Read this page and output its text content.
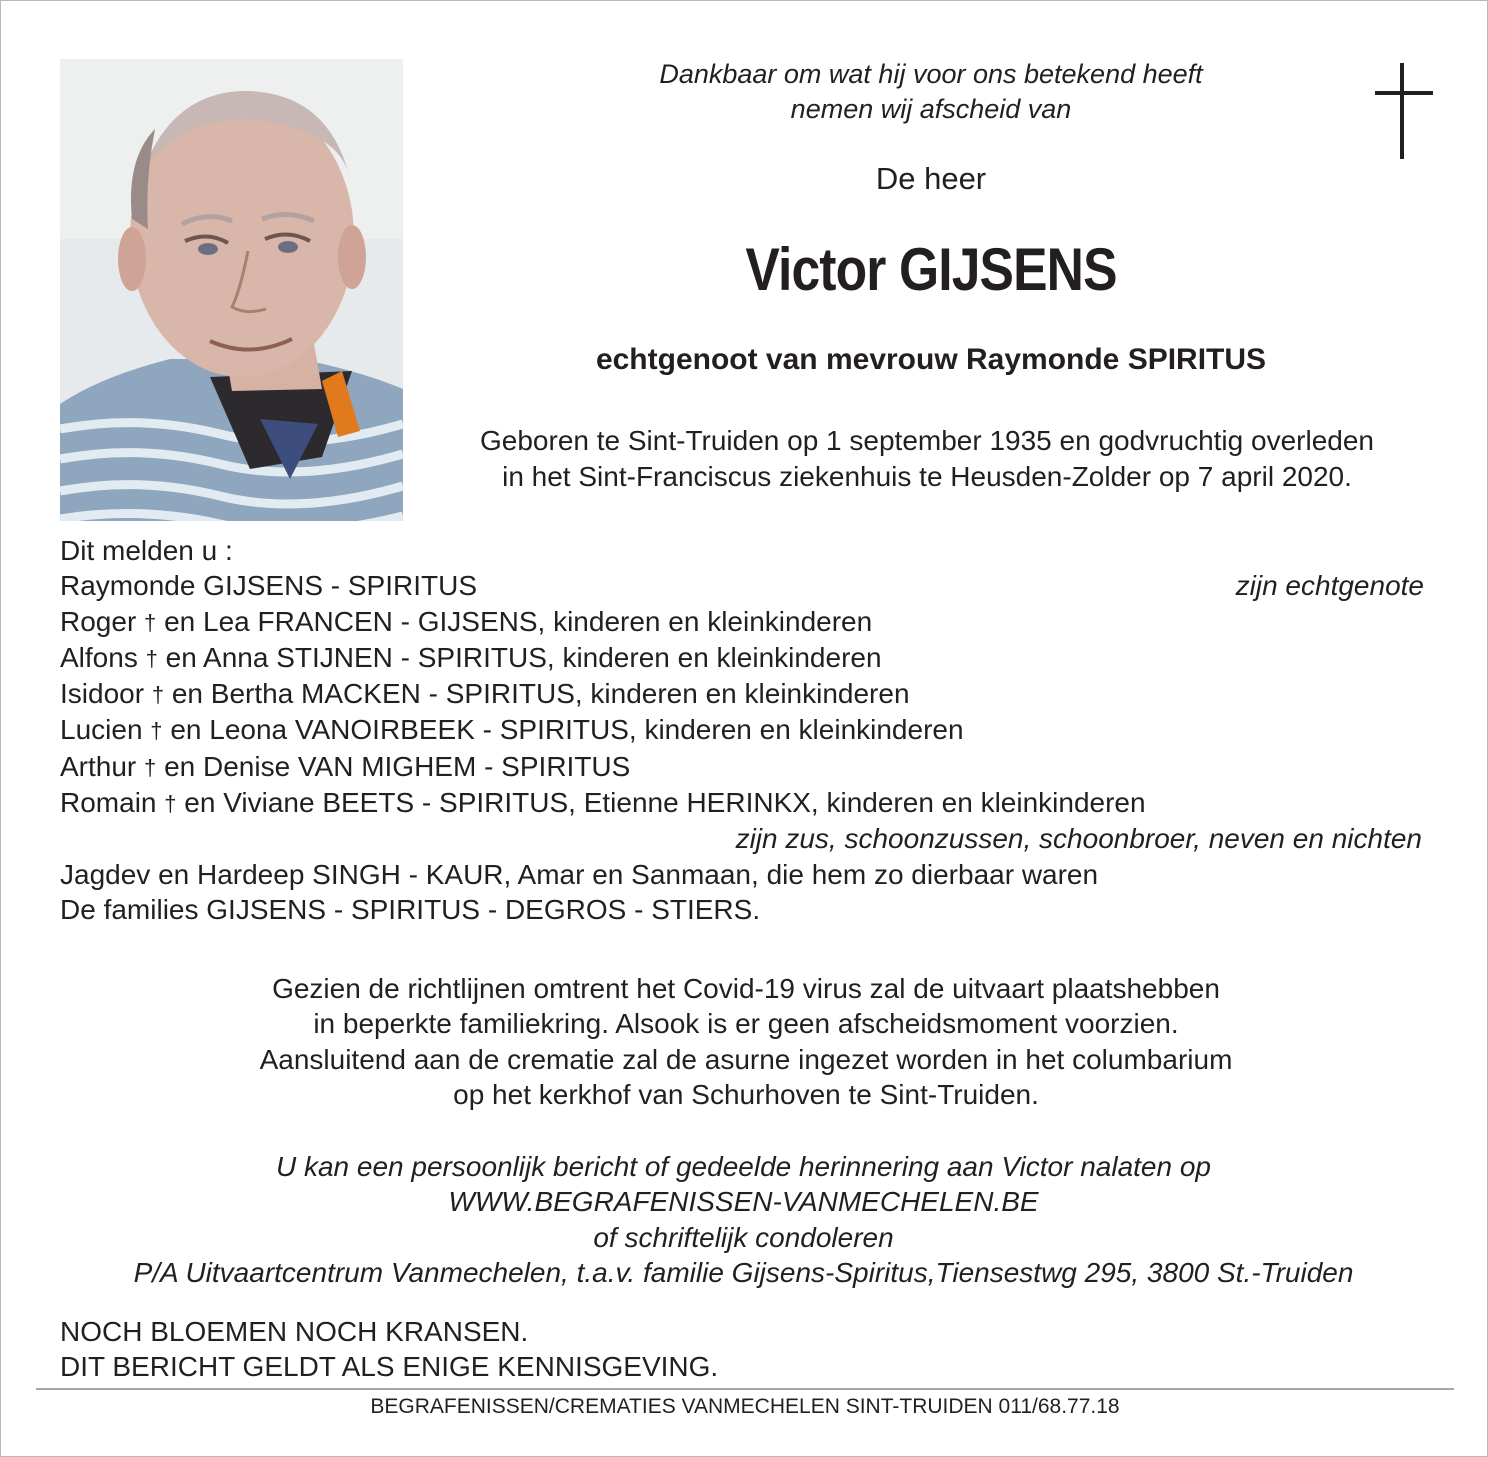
Dankbaar om wat hij voor ons betekend heeft
nemen wij afscheid van
De heer
Victor GIJSENS
echtgenoot van mevrouw Raymonde SPIRITUS
Geboren te Sint-Truiden op 1 september 1935 en godvruchtig overleden
in het Sint-Franciscus ziekenhuis te Heusden-Zolder op 7 april 2020.
Dit melden u :
Raymonde GIJSENS - SPIRITUS	zijn echtgenote
Roger † en Lea FRANCEN - GIJSENS, kinderen en kleinkinderen
Alfons † en Anna STIJNEN - SPIRITUS, kinderen en kleinkinderen
Isidoor † en Bertha MACKEN - SPIRITUS, kinderen en kleinkinderen
Lucien † en Leona VANOIRBEEK - SPIRITUS, kinderen en kleinkinderen
Arthur † en Denise VAN MIGHEM - SPIRITUS
Romain † en Viviane BEETS - SPIRITUS, Etienne HERINKX, kinderen en kleinkinderen
zijn zus, schoonzussen, schoonbroer, neven en nichten
Jagdev en Hardeep SINGH - KAUR, Amar en Sanmaan, die hem zo dierbaar waren
De families GIJSENS - SPIRITUS - DEGROS - STIERS.
Gezien de richtlijnen omtrent het Covid-19 virus zal de uitvaart plaatshebben
in beperkte familiekring. Alsook is er geen afscheidsmoment voorzien.
Aansluitend aan de crematie zal de asurne ingezet worden in het columbarium
op het kerkhof van Schurhoven te Sint-Truiden.
U kan een persoonlijk bericht of gedeelde herinnering aan Victor nalaten op
WWW.BEGRAFENISSEN-VANMECHELEN.BE
of schriftelijk condoleren
P/A Uitvaartcentrum Vanmechelen, t.a.v. familie Gijsens-Spiritus,Tiensestwg 295, 3800 St.-Truiden
NOCH BLOEMEN NOCH KRANSEN.
DIT BERICHT GELDT ALS ENIGE KENNISGEVING.
BEGRAFENISSEN/CREMATIES VANMECHELEN SINT-TRUIDEN 011/68.77.18
